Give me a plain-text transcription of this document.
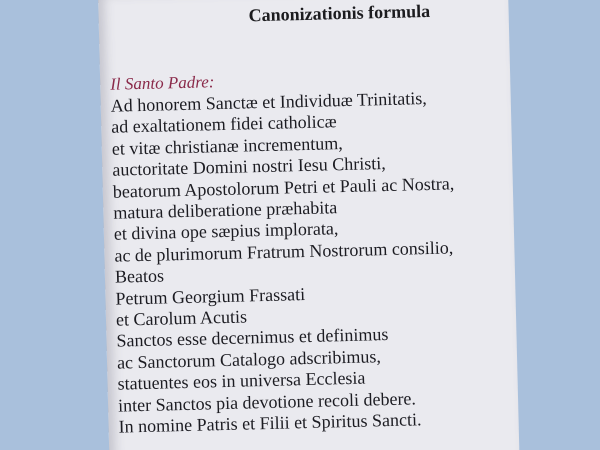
Canonizationis formula
Il Santo Padre:
Ad honorem Sanctæ et Individuæ Trinitatis,
ad exaltationem fidei catholicæ
et vitæ christianæ incrementum,
auctoritate Domini nostri Iesu Christi,
beatorum Apostolorum Petri et Pauli ac Nostra,
matura deliberatione præhabita
et divina ope sæpius implorata,
ac de plurimorum Fratrum Nostrorum consilio,
Beatos
Petrum Georgium Frassati
et Carolum Acutis
Sanctos esse decernimus et definimus
ac Sanctorum Catalogo adscribimus,
statuentes eos in universa Ecclesia
inter Sanctos pia devotione recoli debere.
In nomine Patris et Filii et Spiritus Sancti.
